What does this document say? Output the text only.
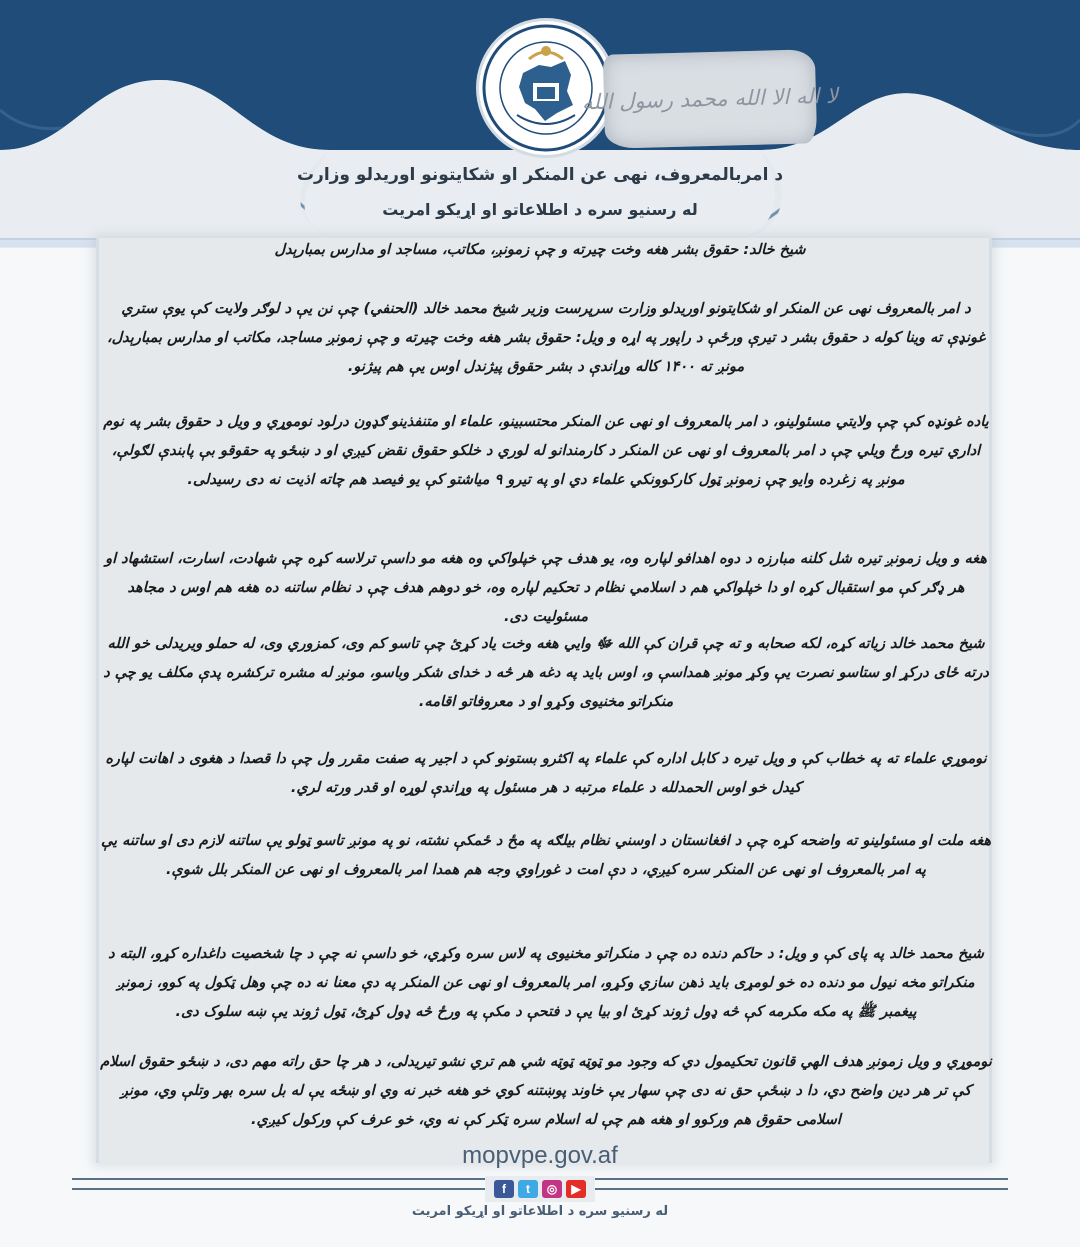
لا اله الا الله محمد رسول الله
د امربالمعروف، نهی عن المنکر او شکایتونو اوریدلو وزارت
له رسنيو سره د اطلاعاتو او اړيکو امريت
شیخ خالد: حقوق بشر هغه وخت چیرته و چې زمونږ، مکاتب، مساجد او مدارس بمبارېدل

د امر بالمعروف نهی عن المنکر او شکايتونو اوريدلو وزارت سرپرست وزير شيخ محمد خالد (الحنفي) چې نن يې د لوګر ولايت کې یوې ستري غونډې ته وينا کوله د حقوق بشر د تيرې ورځې د راپور په اړه و ويل: حقوق بشر هغه وخت چيرته و چې زمونږ مساجد، مکاتب او مدارس بمبارېدل، مونږ ته ۱۴۰۰ کاله وړاندې د بشر حقوق پيژندل اوس يې هم پيژنو.

ياده غونډه کې چې ولايتي مسئولينو، د امر بالمعروف او نهی عن المنکر محتسبينو، علماء او متنفذينو ګډون درلود نوموړي و ويل د حقوق بشر په نوم اداري تيره ورځ ويلي چې د امر بالمعروف او نهی عن المنکر د کارمندانو له لوري د خلکو حقوق نقض کيږي او د ښځو په حقوقو بې پابندې لګولې، مونږ په زغرده وايو چې زمونږ ټول کارکوونکي علماء دي او په تيرو ۹ مياشتو کې يو فيصد هم چاته اذيت نه دی رسيدلی.

هغه و ويل زمونږ تيره شل کلنه مبارزه د دوه اهدافو لپاره وه، يو هدف چې خپلواکي وه هغه مو داسې ترلاسه کړه چې شهادت، اسارت، استشهاد او هر ډګر کې مو استقبال کړه او دا خپلواکي هم د اسلامي نظام د تحکيم لپاره وه، خو دوهم هدف چې د نظام ساتنه ده هغه هم اوس د مجاهد مسئوليت دی.

شيخ محمد خالد زياته کړه، لکه صحابه و ته چې قران کې الله ﷻ وايي هغه وخت ياد کړئ چې تاسو کم وی، کمزوري وی، له حملو ويريدلی خو الله درته ځای درکړ او ستاسو نصرت يې وکړ مونږ همداسې و، اوس بايد په دغه هر څه د خدای شکر وباسو، مونږ له مشره ترکشره پدې مکلف يو چې د منکراتو مخنيوی وکړو او د معروفاتو اقامه.

نوموړي علماء ته په خطاب کې و ويل تيره د کابل اداره کې علماء په اکثرو بستونو کې د اجير په صفت مقرر ول چې دا قصدا د هغوی د اهانت لپاره کيدل خو اوس الحمدلله د علماء مرتبه د هر مسئول په وړاندې لوړه او قدر ورته لري.

هغه ملت او مسئولينو ته واضحه کړه چې د افغانستان د اوسني نظام بيلګه په مځ د ځمکې نشته، نو په مونږ تاسو ټولو يې ساتنه لازم دی او ساتنه يې په امر بالمعروف او نهی عن المنکر سره کيږي، د دې امت د غوراوي وجه هم همدا امر بالمعروف او نهی عن المنکر بلل شوې.

شيخ محمد خالد په پای کې و ويل: د حاکم دنده ده چې د منکراتو مخنيوی په لاس سره وکړي، خو داسې نه چې د چا شخصيت داغداره کړو، البته د منکراتو مخه نيول مو دنده ده خو لومړی بايد ذهن سازي وکړو، امر بالمعروف او نهی عن المنکر په دې معنا نه ده چې وهل ټکول په کوو، زمونږ پيغمبر ﷺ په مکه مکرمه کې څه ډول ژوند کړئ او بيا يې د فتحې د مکې په ورځ څه ډول کړئ، ټول ژوند يې ښه سلوک دی.

نوموړي و ويل زمونږ هدف الهي قانون تحکيمول دي که وجود مو ټوټه ټوټه شي هم تري نشو تيريدلی، د هر چا حق راته مهم دی، د ښځو حقوق اسلام کې تر هر دين واضح دي، دا د ښځې حق نه دی چې سهار يې خاوند پوښتنه کوي خو هغه خبر نه وي او ښځه يې له بل سره بهر وتلې وي، مونږ اسلامی حقوق هم ورکوو او هغه هم چې له اسلام سره ټکر کې نه وي، خو عرف کې ورکول کيږي.

mopvpe.gov.af
f	t	◎	▶
له رسنيو سره د اطلاعاتو او اړيکو امريت
